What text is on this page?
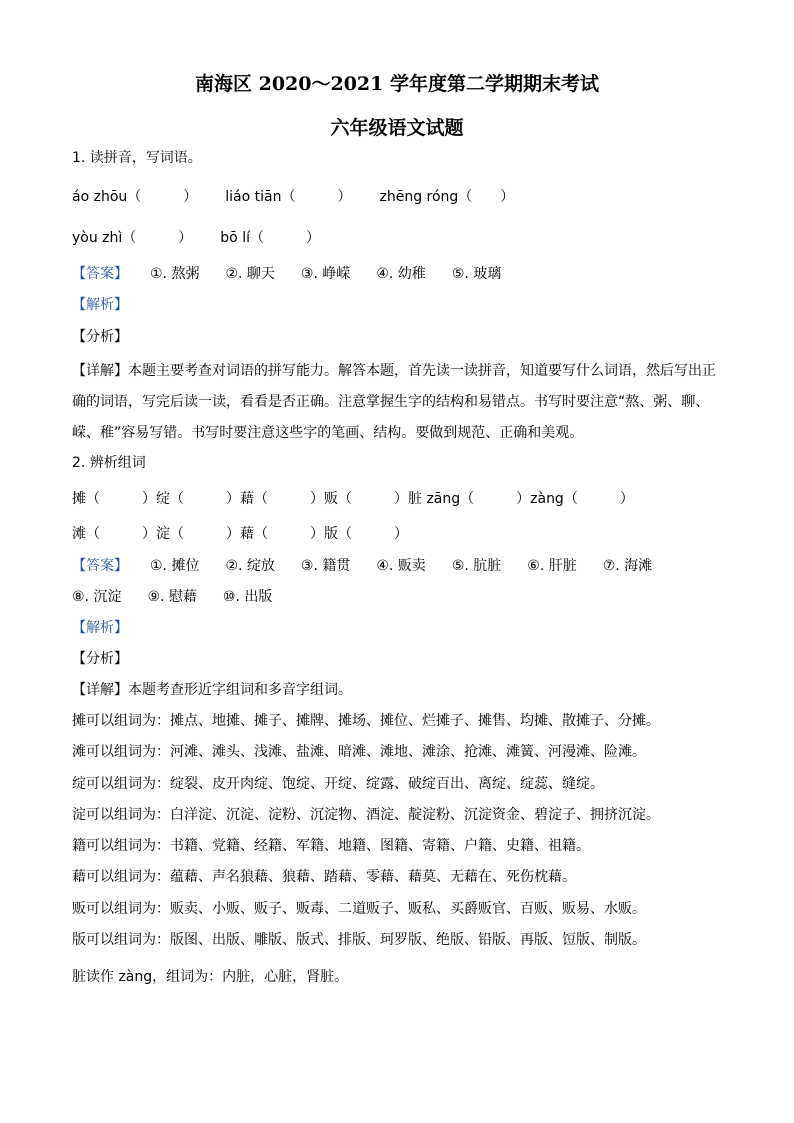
南海区 2020～2021 学年度第二学期期末考试
六年级语文试题
1. 读拼音，写词语。
áo zhōu（　　　） liáo tiān（　　　） zhēng róng（　　）
yòu zhì（　　　） bō lí（　　　）
【答案】 ①. 熬粥 ②. 聊天 ③. 峥嵘 ④. 幼稚 ⑤. 玻璃
【解析】
【分析】
【详解】本题主要考查对词语的拼写能力。解答本题，首先读一读拼音，知道要写什么词语，然后写出正确的词语，写完后读一读，看看是否正确。注意掌握生字的结构和易错点。书写时要注意“熬、粥、聊、嵘、稚”容易写错。书写时要注意这些字的笔画、结构。要做到规范、正确和美观。
2. 辨析组词
摊（　　　）绽（　　　）藉（　　　）贩（　　　）脏 zāng（　　　）zàng（　　　）
滩（　　　）淀（　　　）藉（　　　）版（　　　）
【答案】 ①. 摊位 ②. 绽放 ③. 籍贯 ④. 贩卖 ⑤. 肮脏 ⑥. 肝脏 ⑦. 海滩
⑧. 沉淀 ⑨. 慰藉 ⑩. 出版
【解析】
【分析】
【详解】本题考查形近字组词和多音字组词。
摊可以组词为：摊点、地摊、摊子、摊牌、摊场、摊位、烂摊子、摊售、均摊、散摊子、分摊。
滩可以组词为：河滩、滩头、浅滩、盐滩、暗滩、滩地、滩涂、抢滩、滩簧、河漫滩、险滩。
绽可以组词为：绽裂、皮开肉绽、饱绽、开绽、绽露、破绽百出、离绽、绽蕊、缝绽。
淀可以组词为：白洋淀、沉淀、淀粉、沉淀物、酒淀、靛淀粉、沉淀资金、碧淀子、拥挤沉淀。
籍可以组词为：书籍、党籍、经籍、军籍、地籍、图籍、寄籍、户籍、史籍、祖籍。
藉可以组词为：蕴藉、声名狼藉、狼藉、踏藉、零藉、藉莫、无藉在、死伤枕藉。
贩可以组词为：贩卖、小贩、贩子、贩毒、二道贩子、贩私、买爵贩官、百贩、贩易、水贩。
版可以组词为：版图、出版、雕版、版式、排版、珂罗版、绝版、铅版、再版、饾版、制版。
脏读作 zàng，组词为：内脏，心脏，肾脏。
